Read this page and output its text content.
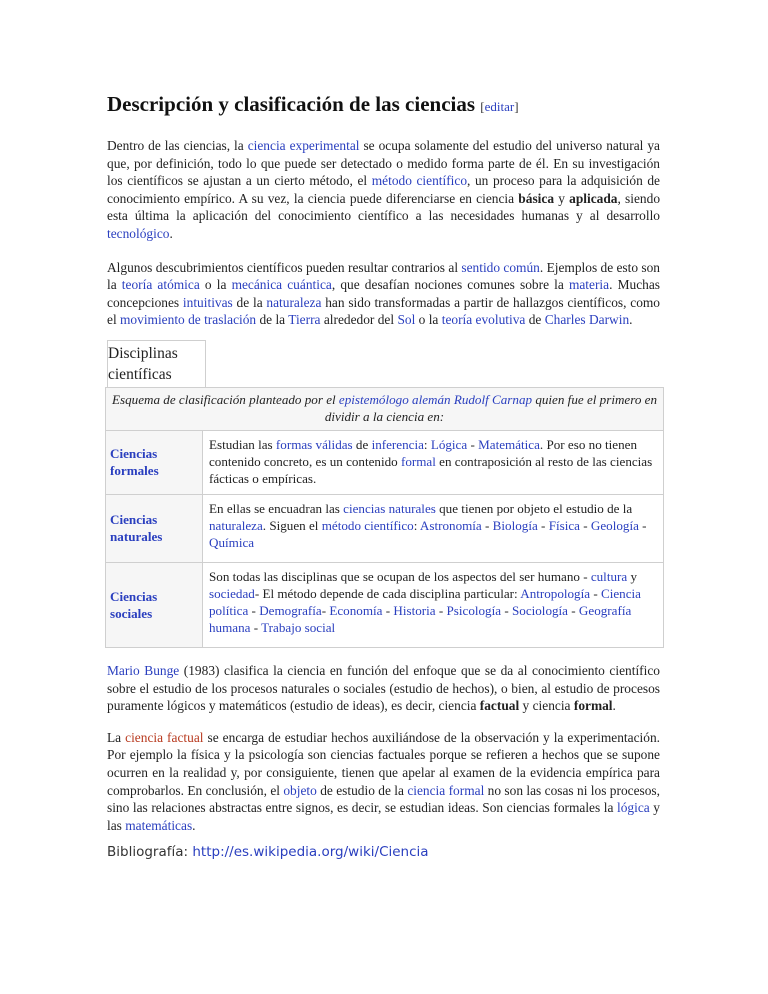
Descripción y clasificación de las ciencias [editar]

Dentro de las ciencias, la ciencia experimental se ocupa solamente del estudio del universo natural ya que, por definición, todo lo que puede ser detectado o medido forma parte de él. En su investigación los científicos se ajustan a un cierto método, el método científico, un proceso para la adquisición de conocimiento empírico. A su vez, la ciencia puede diferenciarse en ciencia básica y aplicada, siendo esta última la aplicación del conocimiento científico a las necesidades humanas y al desarrollo tecnológico.

Algunos descubrimientos científicos pueden resultar contrarios al sentido común. Ejemplos de esto son la teoría atómica o la mecánica cuántica, que desafían nociones comunes sobre la materia. Muchas concepciones intuitivas de la naturaleza han sido transformadas a partir de hallazgos científicos, como el movimiento de traslación de la Tierra alrededor del Sol o la teoría evolutiva de Charles Darwin.

Disciplinas científicas
Esquema de clasificación planteado por el epistemólogo alemán Rudolf Carnap quien fue el primero en dividir a la ciencia en:	
Ciencias formales	Estudian las formas válidas de inferencia: Lógica - Matemática. Por eso no tienen contenido concreto, es un contenido formal en contraposición al resto de las ciencias fácticas o empíricas.
Ciencias naturales	En ellas se encuadran las ciencias naturales que tienen por objeto el estudio de la naturaleza. Siguen el método científico: Astronomía - Biología - Física - Geología - Química
Ciencias sociales	Son todas las disciplinas que se ocupan de los aspectos del ser humano - cultura y sociedad- El método depende de cada disciplina particular: Antropología - Ciencia política - Demografía- Economía - Historia - Psicología - Sociología - Geografía humana - Trabajo social

Mario Bunge (1983) clasifica la ciencia en función del enfoque que se da al conocimiento científico sobre el estudio de los procesos naturales o sociales (estudio de hechos), o bien, al estudio de procesos puramente lógicos y matemáticos (estudio de ideas), es decir, ciencia factual y ciencia formal.

La ciencia factual se encarga de estudiar hechos auxiliándose de la observación y la experimentación. Por ejemplo la física y la psicología son ciencias factuales porque se refieren a hechos que se supone ocurren en la realidad y, por consiguiente, tienen que apelar al examen de la evidencia empírica para comprobarlos. En conclusión, el objeto de estudio de la ciencia formal no son las cosas ni los procesos, sino las relaciones abstractas entre signos, es decir, se estudian ideas. Son ciencias formales la lógica y las matemáticas.

Bibliografía: http://es.wikipedia.org/wiki/Ciencia
